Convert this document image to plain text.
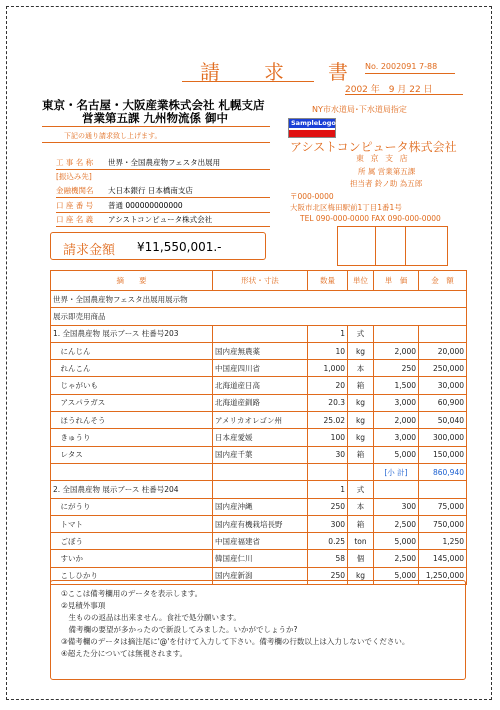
請　求　書 No. 2002091 7-88
2002 年　9 月 22 日
東京・名古屋・大阪産業株式会社 札幌支店
営業第五課 九州物流係 御中
下記の通り請求致し上げます。
工 事 名 称 世界・全国農産物フェスタ出展用
[振込み先]
金融機関名 大日本銀行 日本橋南支店
口 座 番 号 普通 000000000000
口 座 名 義 アシストコンピュータ株式会社
請求金額 ¥11,550,001.-
NY市水道局･下水道局指定
SampleLogo
アシストコンピュータ株式会社
東 京 支 店
所 属 営業第五課
担当者 鈴ノ助 為五郎
〒000-0000
大阪市北区梅田駅前1丁目1番1号
TEL 090-000-0000 FAX 090-000-0000
摘　　要	形状・寸法	数量	単位	単　価	金　額
世界・全国農産物フェスタ出展用展示物					
展示即売用商品					
1. 全国農産物 展示ブース 柱番号203		1	式		
　にんじん	国内産無農薬	10	kg	2,000	20,000
　れんこん	中国産四川省	1,000	本	250	250,000
　じゃがいも	北海道産日高	20	箱	1,500	30,000
　アスパラガス	北海道産釧路	20.3	kg	3,000	60,900
　ほうれんそう	アメリカオレゴン州	25.02	kg	2,000	50,040
　きゅうり	日本産愛媛	100	kg	3,000	300,000
　レタス	国内産千葉	30	箱	5,000	150,000
				[小 計]	860,940
2. 全国農産物 展示ブース 柱番号204		1	式		
　にがうり	国内産沖縄	250	本	300	75,000
　トマト	国内産有機栽培長野	300	箱	2,500	750,000
　ごぼう	中国産福建省	0.25	ton	5,000	1,250
　すいか	韓国産仁川	58	個	2,500	145,000
　こしひかり	国内産新潟	250	kg	5,000	1,250,000
①ここは備考欄用のデータを表示します。
②見積外事項
　生ものの返品は出来ません。食社で処分願います。
　備考欄の要望が多かったので新設してみました。いかがでしょうか?
③備考欄のデータは摘注尾に'@'を付けて入力して下さい。備考欄の行数以上は入力しないでください。
④超えた分については無視されます。
